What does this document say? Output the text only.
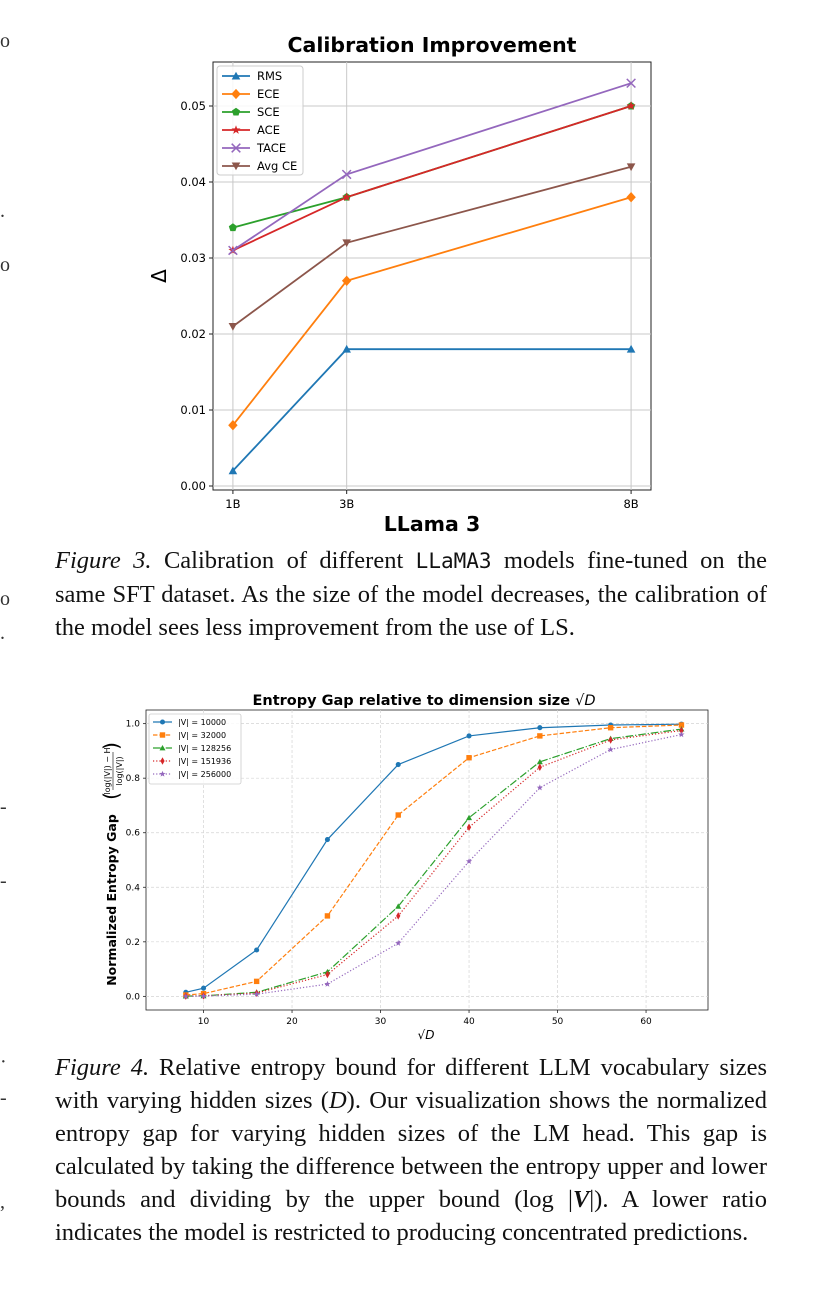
0.00
0.01
0.02
0.03
0.04
0.05
1B	3B	8B
RMS
ECE
SCE
ACE
TACE
Avg CE
Calibration Improvement
LLama 3
Δ
Figure 3. Calibration of different LLaMA3 models fine-tuned on the same SFT dataset. As the size of the model decreases, the calibration of the model sees less improvement from the use of LS.
0.0
0.2
0.4
0.6
0.8
1.0
10	20	30	40	50	60
|V| = 10000
|V| = 32000
|V| = 128256
|V| = 151936
|V| = 256000
Entropy Gap relative to dimension size √D
√D
Normalized Entropy Gap
(
)
log(|V|) − H log(|V|)
Figure 4. Relative entropy bound for different LLM vocabulary sizes with varying hidden sizes (D). Our visualization shows the normalized entropy gap for varying hidden sizes of the LM head. This gap is calculated by taking the difference between the entropy upper and lower bounds and dividing by the upper bound (log |V|). A lower ratio indicates the model is restricted to producing concentrated predictions.
o
.
o
o
.
-
-
·
-
,
